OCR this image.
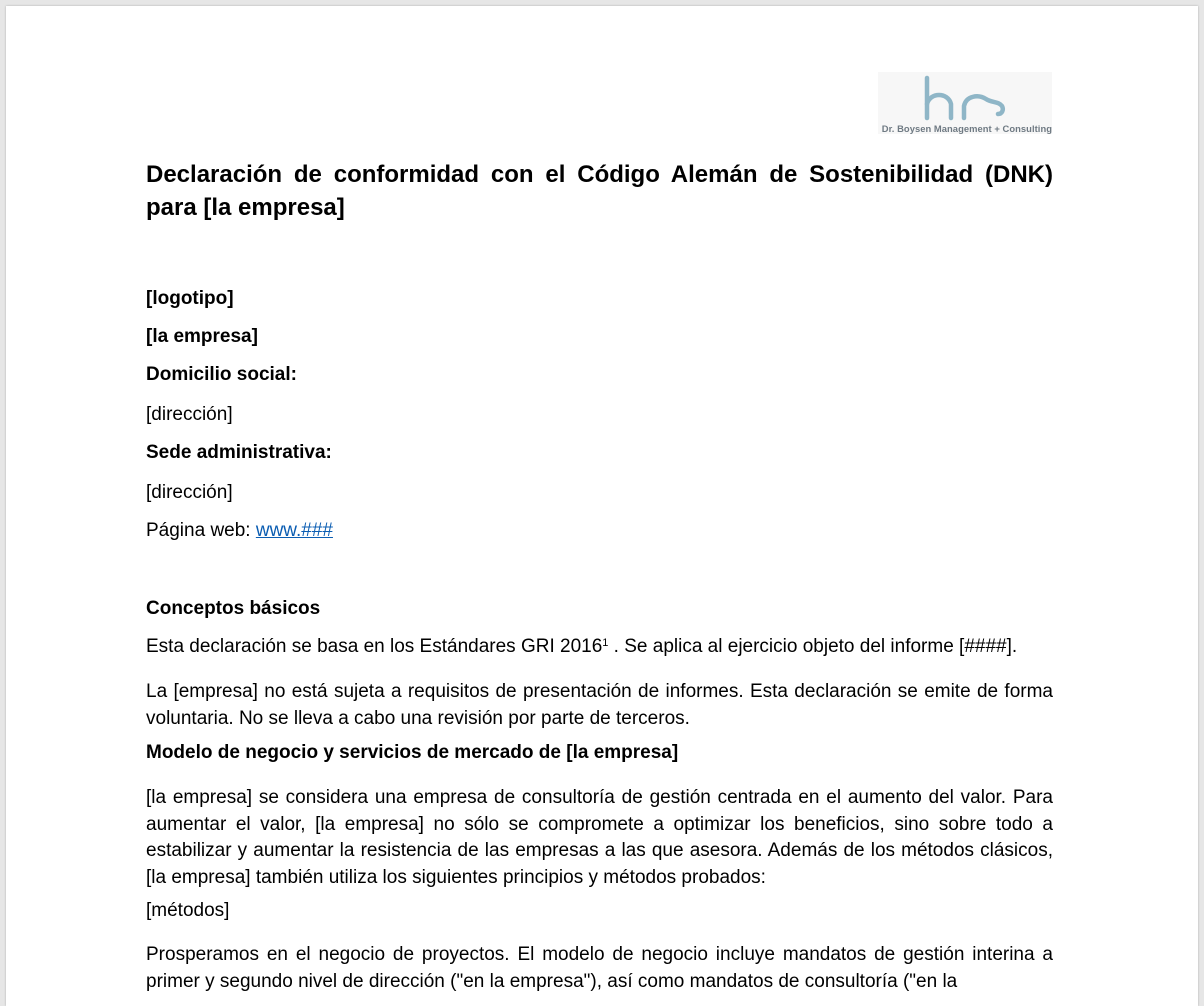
Dr. Boysen Management + Consulting
Declaración de conformidad con el Código Alemán de Sostenibilidad (DNK) para [la empresa]
[logotipo]
[la empresa]
Domicilio social:
[dirección]
Sede administrativa:
[dirección]
Página web: www.###
Conceptos básicos
Esta declaración se basa en los Estándares GRI 2016$^1$ . Se aplica al ejercicio objeto del informe [####].
La [empresa] no está sujeta a requisitos de presentación de informes. Esta declaración se emite de forma voluntaria. No se lleva a cabo una revisión por parte de terceros.
Modelo de negocio y servicios de mercado de [la empresa]
[la empresa] se considera una empresa de consultoría de gestión centrada en el aumento del valor. Para aumentar el valor, [la empresa] no sólo se compromete a optimizar los beneficios, sino sobre todo a estabilizar y aumentar la resistencia de las empresas a las que asesora. Además de los métodos clásicos, [la empresa] también utiliza los siguientes principios y métodos probados:
[métodos]
Prosperamos en el negocio de proyectos. El modelo de negocio incluye mandatos de gestión interina a primer y segundo nivel de dirección ("en la empresa"), así como mandatos de consultoría ("en la
